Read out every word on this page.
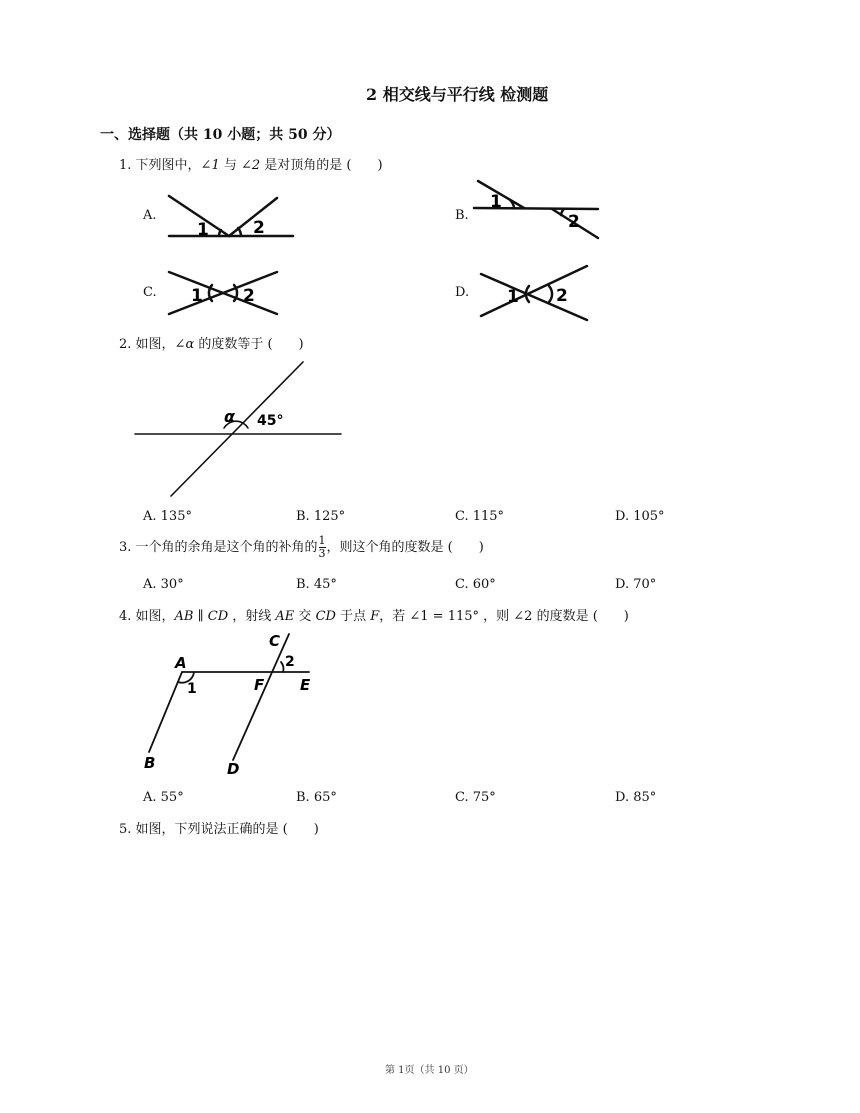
2 相交线与平行线 检测题
一、选择题（共 10 小题；共 50 分）
1. 下列图中，∠1 与 ∠2 是对顶角的是 (　　)
A.	B.
C.	D.
1	2
1
2
1 2	1 2
2. 如图，∠α 的度数等于 (　　)
α 45°
A. 135°	B. 125°	C. 115°	D. 105°
3. 一个角的余角是这个角的补角的$\frac{1}{3}$ ，则这个角的度数是 (　　)
A. 30°	B. 45°	C. 60°	D. 70°
4. 如图，AB ∥ CD ，射线 AE 交 CD 于点 F，若 ∠1 = 115° ，则 ∠2 的度数是 (　　)
A
1
B
C
2
F E
D
A. 55°	B. 65°	C. 75°	D. 85°
5. 如图，下列说法正确的是 (　　)
第 1页（共 10 页）
